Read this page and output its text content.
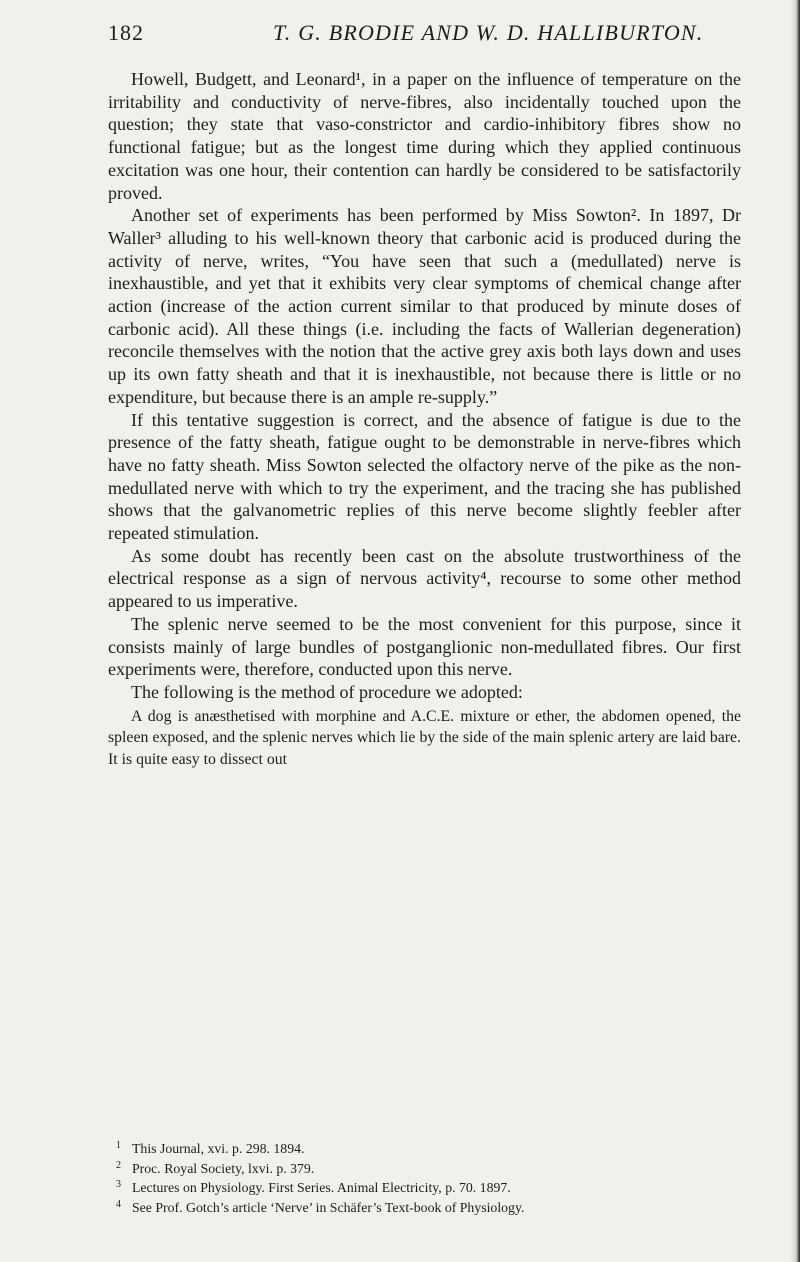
182	T. G. BRODIE AND W. D. HALLIBURTON.

Howell, Budgett, and Leonard¹, in a paper on the influence of temperature on the irritability and conductivity of nerve-fibres, also incidentally touched upon the question; they state that vaso-constrictor and cardio-inhibitory fibres show no functional fatigue; but as the longest time during which they applied continuous excitation was one hour, their contention can hardly be considered to be satisfactorily proved.

Another set of experiments has been performed by Miss Sowton². In 1897, Dr Waller³ alluding to his well-known theory that carbonic acid is produced during the activity of nerve, writes, “You have seen that such a (medullated) nerve is inexhaustible, and yet that it exhibits very clear symptoms of chemical change after action (increase of the action current similar to that produced by minute doses of carbonic acid). All these things (i.e. including the facts of Wallerian degeneration) reconcile themselves with the notion that the active grey axis both lays down and uses up its own fatty sheath and that it is inexhaustible, not because there is little or no expenditure, but because there is an ample re-supply.”

If this tentative suggestion is correct, and the absence of fatigue is due to the presence of the fatty sheath, fatigue ought to be demonstrable in nerve-fibres which have no fatty sheath. Miss Sowton selected the olfactory nerve of the pike as the non-medullated nerve with which to try the experiment, and the tracing she has published shows that the galvanometric replies of this nerve become slightly feebler after repeated stimulation.

As some doubt has recently been cast on the absolute trustworthiness of the electrical response as a sign of nervous activity⁴, recourse to some other method appeared to us imperative.

The splenic nerve seemed to be the most convenient for this purpose, since it consists mainly of large bundles of postganglionic non-medullated fibres. Our first experiments were, therefore, conducted upon this nerve.

The following is the method of procedure we adopted:

A dog is anæsthetised with morphine and A.C.E. mixture or ether, the abdomen opened, the spleen exposed, and the splenic nerves which lie by the side of the main splenic artery are laid bare. It is quite easy to dissect out

1 This Journal, xvi. p. 298. 1894.

2 Proc. Royal Society, lxvi. p. 379.

3 Lectures on Physiology. First Series. Animal Electricity, p. 70. 1897.

4 See Prof. Gotch’s article ‘Nerve’ in Schäfer’s Text-book of Physiology.
